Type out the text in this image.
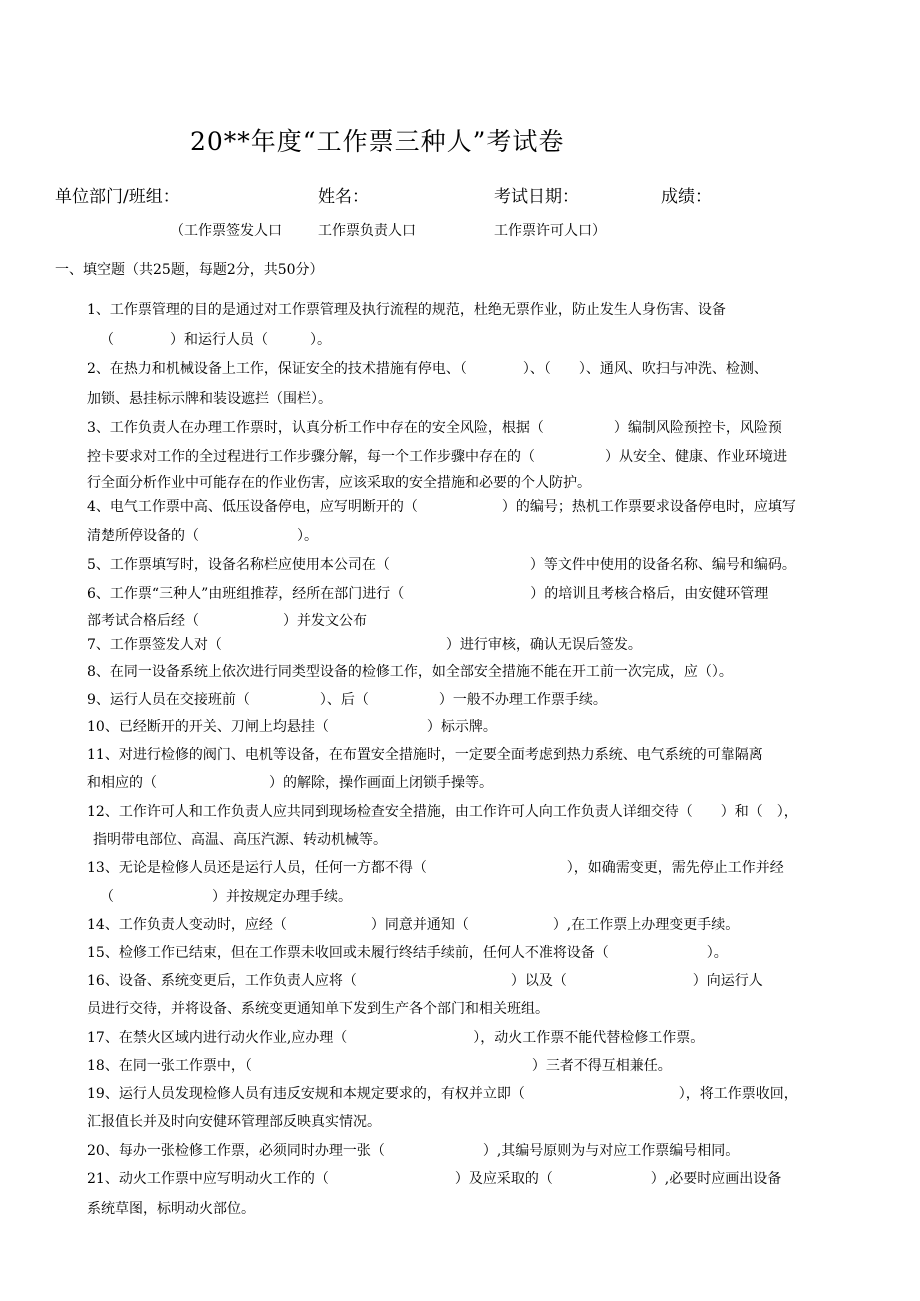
20**年度“工作票三种人”考试卷
单位部门/班组：	姓名：	考试日期：	成绩：
（工作票签发人口	工作票负责人口	工作票许可人口）
一、填空题（共25题，每题2分，共50分）
1、工作票管理的目的是通过对工作票管理及执行流程的规范，杜绝无票作业，防止发生人身伤害、设备
（　　　　）和运行人员（　　　）。
2、在热力和机械设备上工作，保证安全的技术措施有停电、（　　　　）、（　　）、通风、吹扫与冲洗、检测、
加锁、悬挂标示牌和装设遮拦（围栏）。
3、工作负责人在办理工作票时，认真分析工作中存在的安全风险，根据（　　　　　）编制风险预控卡，风险预
控卡要求对工作的全过程进行工作步骤分解，每一个工作步骤中存在的（　　　　　）从安全、健康、作业环境进
行全面分析作业中可能存在的作业伤害，应该采取的安全措施和必要的个人防护。
4、电气工作票中高、低压设备停电，应写明断开的（　　　　　　）的编号；热机工作票要求设备停电时，应填写
清楚所停设备的（　　　　　　　）。
5、工作票填写时，设备名称栏应使用本公司在（　　　　　　　　　　）等文件中使用的设备名称、编号和编码。
6、工作票“三种人”由班组推荐，经所在部门进行（　　　　　　　　　）的培训且考核合格后，由安健环管理
部考试合格后经（　　　　　　）并发文公布
7、工作票签发人对（　　　　　　　　　　　　　　　　）进行审核，确认无误后签发。
8、在同一设备系统上依次进行同类型设备的检修工作，如全部安全措施不能在开工前一次完成，应（）。
9、运行人员在交接班前（　　　　　）、后（　　　　　）一般不办理工作票手续。
10、已经断开的开关、刀闸上均悬挂（　　　　　　　）标示牌。
11、对进行检修的阀门、电机等设备，在布置安全措施时，一定要全面考虑到热力系统、电气系统的可靠隔离
和相应的（　　　　　　　　）的解除，操作画面上闭锁手操等。
12、工作许可人和工作负责人应共同到现场检查安全措施，由工作许可人向工作负责人详细交待（　　）和（　），
指明带电部位、高温、高压汽源、转动机械等。
13、无论是检修人员还是运行人员，任何一方都不得（　　　　　　　　　　），如确需变更，需先停止工作并经
（　　　　　　　）并按规定办理手续。
14、工作负责人变动时，应经（　　　　　　）同意并通知（　　　　　　）,在工作票上办理变更手续。
15、检修工作已结束，但在工作票未收回或未履行终结手续前，任何人不准将设备（　　　　　　　）。
16、设备、系统变更后，工作负责人应将（　　　　　　　　　　　）以及（　　　　　　　　　）向运行人
员进行交待，并将设备、系统变更通知单下发到生产各个部门和相关班组。
17、在禁火区域内进行动火作业,应办理（　　　　　　　　　），动火工作票不能代替检修工作票。
18、在同一张工作票中，（　　　　　　　　　　　　　　　　　　　　）三者不得互相兼任。
19、运行人员发现检修人员有违反安规和本规定要求的，有权并立即（　　　　　　　　　　　），将工作票收回，
汇报值长并及时向安健环管理部反映真实情况。
20、每办一张检修工作票，必须同时办理一张（　　　　　　　）,其编号原则为与对应工作票编号相同。
21、动火工作票中应写明动火工作的（　　　　　　　　　）及应采取的（　　　　　　　）,必要时应画出设备
系统草图，标明动火部位。
